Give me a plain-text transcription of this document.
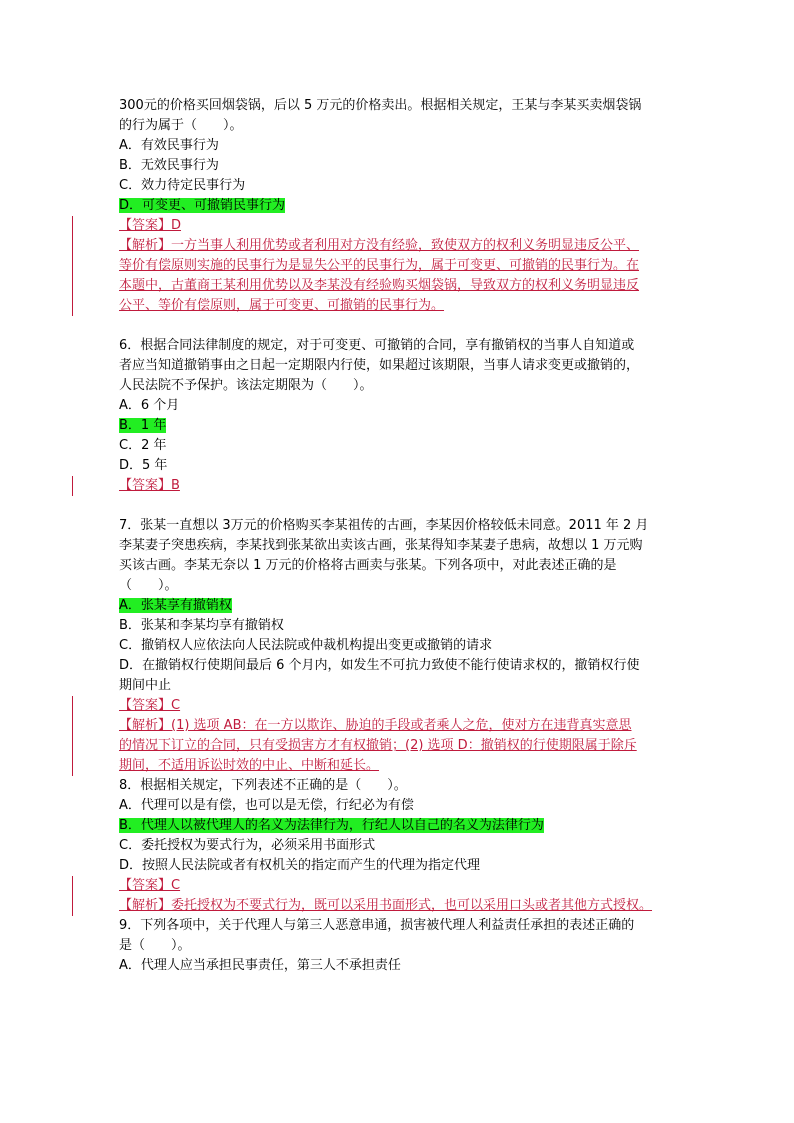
300元的价格买回烟袋锅，后以 5 万元的价格卖出。根据相关规定，王某与李某买卖烟袋锅
的行为属于（　　）。
A．有效民事行为
B．无效民事行为
C．效力待定民事行为
D．可变更、可撤销民事行为
【答案】D
【解析】一方当事人利用优势或者利用对方没有经验，致使双方的权利义务明显违反公平、
等价有偿原则实施的民事行为是显失公平的民事行为，属于可变更、可撤销的民事行为。在
本题中，古董商王某利用优势以及李某没有经验购买烟袋锅，导致双方的权利义务明显违反
公平、等价有偿原则，属于可变更、可撤销的民事行为。
6．根据合同法律制度的规定，对于可变更、可撤销的合同，享有撤销权的当事人自知道或
者应当知道撤销事由之日起一定期限内行使，如果超过该期限，当事人请求变更或撤销的，
人民法院不予保护。该法定期限为（　　）。
A．6 个月
B．1 年
C．2 年
D．5 年
【答案】B
7．张某一直想以 3万元的价格购买李某祖传的古画，李某因价格较低未同意。2011 年 2 月
李某妻子突患疾病，李某找到张某欲出卖该古画，张某得知李某妻子患病，故想以 1 万元购
买该古画。李某无奈以 1 万元的价格将古画卖与张某。下列各项中，对此表述正确的是
（　　）。
A．张某享有撤销权
B．张某和李某均享有撤销权
C．撤销权人应依法向人民法院或仲裁机构提出变更或撤销的请求
D．在撤销权行使期间最后 6 个月内，如发生不可抗力致使不能行使请求权的，撤销权行使
期间中止
【答案】C
【解析】(1) 选项 AB：在一方以欺诈、胁迫的手段或者乘人之危，使对方在违背真实意思
的情况下订立的合同，只有受损害方才有权撤销；(2) 选项 D：撤销权的行使期限属于除斥
期间，不适用诉讼时效的中止、中断和延长。
8．根据相关规定，下列表述不正确的是（　　）。
A．代理可以是有偿，也可以是无偿，行纪必为有偿
B．代理人以被代理人的名义为法律行为，行纪人以自己的名义为法律行为
C．委托授权为要式行为，必须采用书面形式
D．按照人民法院或者有权机关的指定而产生的代理为指定代理
【答案】C
【解析】委托授权为不要式行为，既可以采用书面形式，也可以采用口头或者其他方式授权。
9．下列各项中，关于代理人与第三人恶意串通，损害被代理人利益责任承担的表述正确的
是（　　）。
A．代理人应当承担民事责任，第三人不承担责任
